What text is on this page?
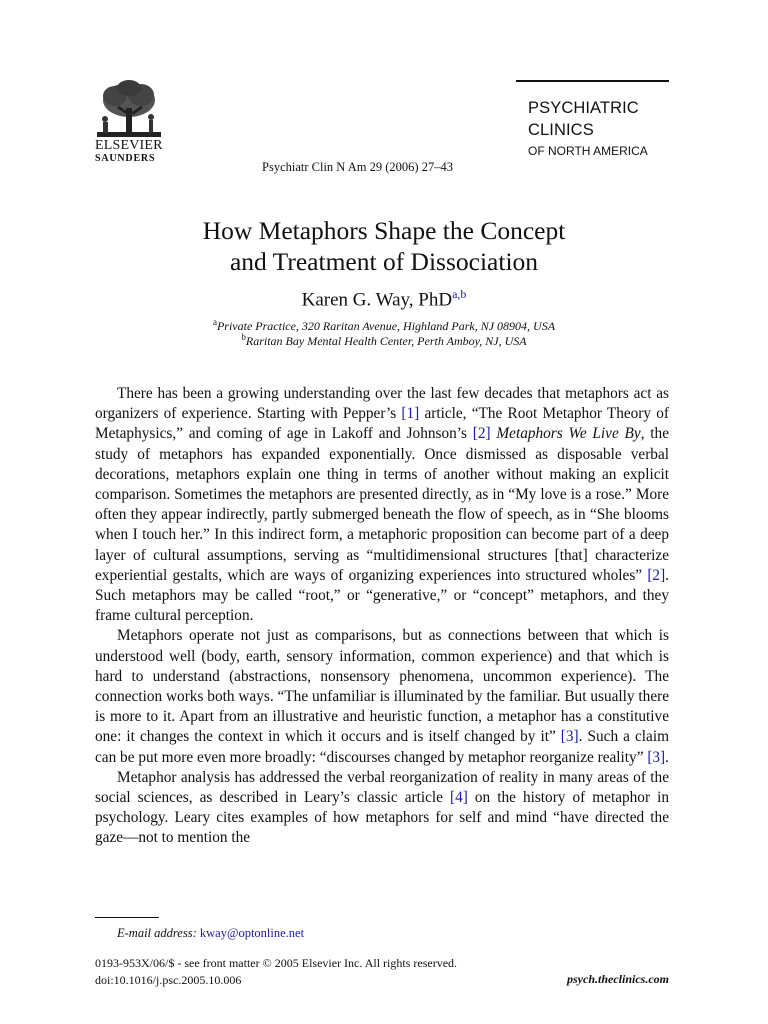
ELSEVIER
SAUNDERS
Psychiatr Clin N Am 29 (2006) 27–43
PSYCHIATRIC
CLINICS
OF NORTH AMERICA
How Metaphors Shape the Concept
and Treatment of Dissociation
Karen G. Way, PhD$^{a,b}$
$^a$Private Practice, 320 Raritan Avenue, Highland Park, NJ 08904, USA
$^b$Raritan Bay Mental Health Center, Perth Amboy, NJ, USA

There has been a growing understanding over the last few decades that metaphors act as organizers of experience. Starting with Pepper’s [1] article, “The Root Metaphor Theory of Metaphysics,” and coming of age in Lakoff and Johnson’s [2] Metaphors We Live By, the study of metaphors has expanded exponentially. Once dismissed as disposable verbal decorations, metaphors explain one thing in terms of another without making an explicit comparison. Sometimes the metaphors are presented directly, as in “My love is a rose.” More often they appear indirectly, partly submerged beneath the flow of speech, as in “She blooms when I touch her.” In this indirect form, a metaphoric proposition can become part of a deep layer of cultural assumptions, serving as “multidimensional structures [that] characterize experiential gestalts, which are ways of organizing experiences into structured wholes” [2]. Such metaphors may be called “root,” or “generative,” or “concept” metaphors, and they frame cultural perception.

Metaphors operate not just as comparisons, but as connections between that which is understood well (body, earth, sensory information, common experience) and that which is hard to understand (abstractions, nonsensory phenomena, uncommon experience). The connection works both ways. “The unfamiliar is illuminated by the familiar. But usually there is more to it. Apart from an illustrative and heuristic function, a metaphor has a constitutive one: it changes the context in which it occurs and is itself changed by it” [3]. Such a claim can be put more even more broadly: “discourses changed by metaphor reorganize reality” [3].

Metaphor analysis has addressed the verbal reorganization of reality in many areas of the social sciences, as described in Leary’s classic article [4] on the history of metaphor in psychology. Leary cites examples of how metaphors for self and mind “have directed the gaze—not to mention the

E-mail address: kway@optonline.net
0193-953X/06/$ - see front matter © 2005 Elsevier Inc. All rights reserved.
doi:10.1016/j.psc.2005.10.006	psych.theclinics.com
